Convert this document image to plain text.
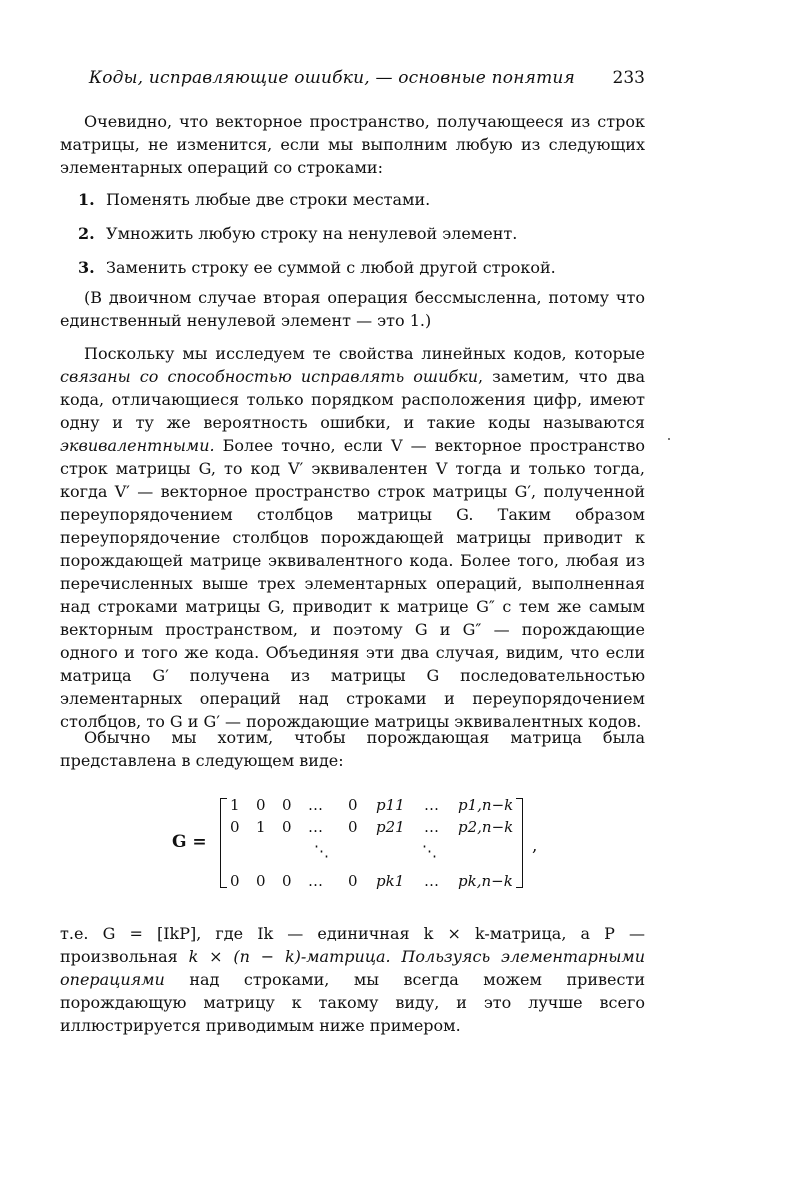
Коды, исправляющие ошибки, — основные понятия 233
Очевидно, что векторное пространство, получающееся из строк матрицы, не изменится, если мы выполним любую из следующих элементарных операций со строками:
1. Поменять любые две строки местами.
2. Умножить любую строку на ненулевой элемент.
3. Заменить строку ее суммой с любой другой строкой.
(В двоичном случае вторая операция бессмысленна, потому что единственный ненулевой элемент — это 1.)
Поскольку мы исследуем те свойства линейных кодов, которые связаны со способностью исправлять ошибки, заметим, что два кода, отличающиеся только порядком расположения цифр, имеют одну и ту же вероятность ошибки, и такие коды называются эквивалентными. Более точно, если V — векторное пространство строк матрицы G, то код V′ эквивалентен V тогда и только тогда, когда V′ — векторное пространство строк матрицы G′, полученной переупорядочением столбцов матрицы G. Таким образом переупорядочение столбцов порождающей матрицы приводит к порождающей матрице эквивалентного кода. Более того, любая из перечисленных выше трех элементарных операций, выполненная над строками матрицы G, приводит к матрице G″ с тем же самым векторным пространством, и поэтому G и G″ — порождающие одного и того же кода. Объединяя эти два случая, видим, что если матрица G′ получена из матрицы G последовательностью элементарных операций над строками и переупорядочением столбцов, то G и G′ — порождающие матрицы эквивалентных кодов.
Обычно мы хотим, чтобы порождающая матрица была представлена в следующем виде:
G =
1 0 0 … 0 p11 … p1,n−k
0 1 0 … 0 p21 … p2,n−k
⋱	⋱
0 0 0 … 0 pk1 … pk,n−k
,
т.е. G = [IkP], где Ik — единичная k × k-матрица, а P — произвольная k × (n − k)-матрица. Пользуясь элементарными операциями над строками, мы всегда можем привести порождающую матрицу к такому виду, и это лучше всего иллюстрируется приводимым ниже примером.
